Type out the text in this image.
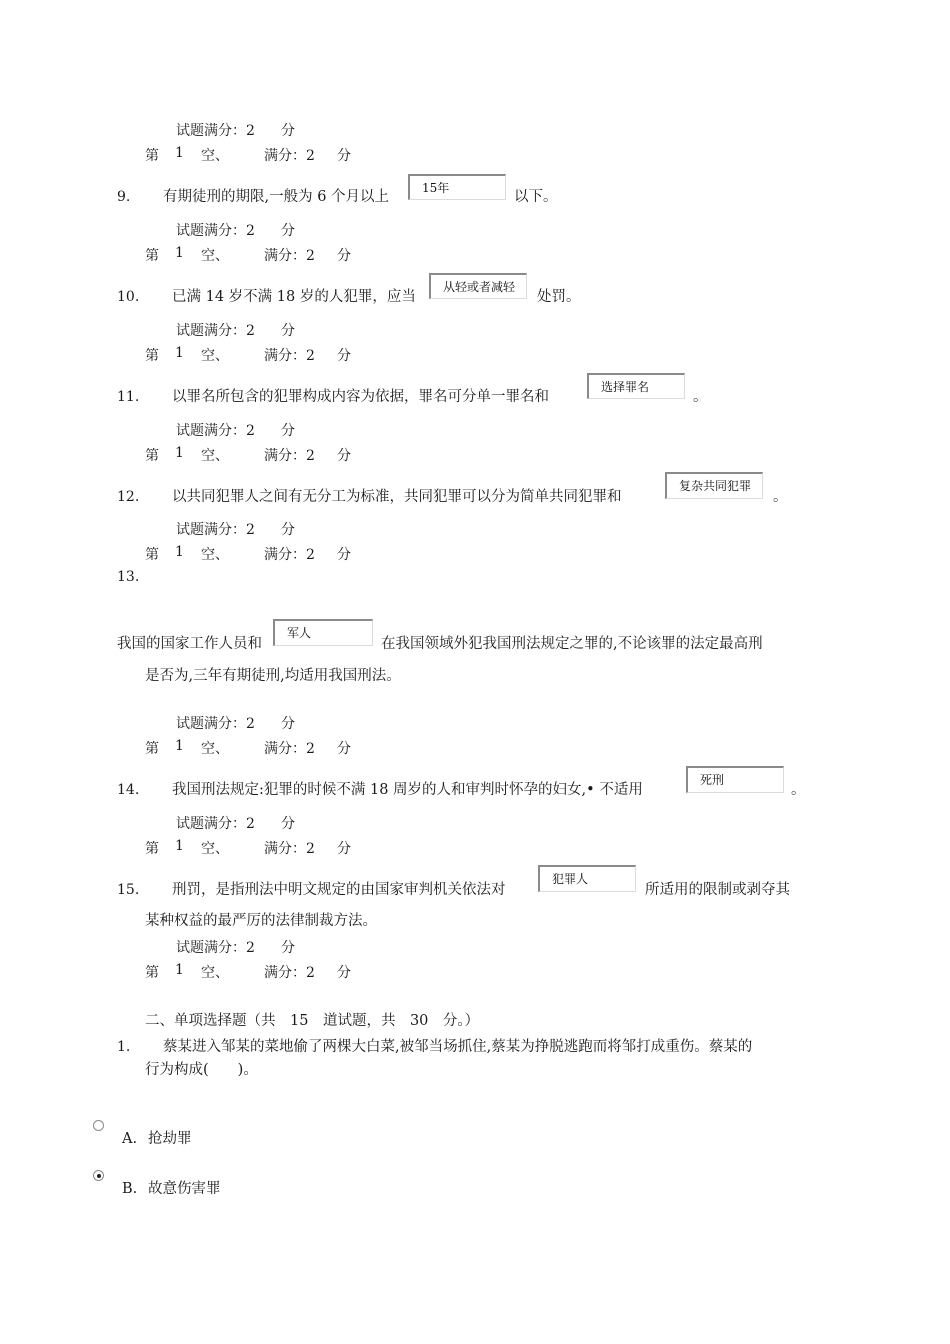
试题满分：2 分
第 1 空、	满分：2 分
9. 有期徒刑的期限,一般为 6 个月以上
15年
以下。
试题满分：2 分
第 1 空、	满分：2 分
10. 已满 14 岁不满 18 岁的人犯罪，应当
从轻或者减轻
处罚。
试题满分：2 分
第 1 空、	满分：2 分
11. 以罪名所包含的犯罪构成内容为依据，罪名可分单一罪名和
选择罪名
。
试题满分：2 分
第 1 空、	满分：2 分
12. 以共同犯罪人之间有无分工为标准，共同犯罪可以分为简单共同犯罪和
复杂共同犯罪
。
试题满分：2 分
第 1 空、	满分：2 分
13.
我国的国家工作人员和
军人
在我国领域外犯我国刑法规定之罪的,不论该罪的法定最高刑
是否为,三年有期徒刑,均适用我国刑法。
试题满分：2 分
第 1 空、	满分：2 分
14. 我国刑法规定:犯罪的时候不满 18 周岁的人和审判时怀孕的妇女,• 不适用
死刑
。
试题满分：2 分
第 1 空、	满分：2 分
15. 刑罚，是指刑法中明文规定的由国家审判机关依法对
犯罪人
所适用的限制或剥夺其
某种权益的最严厉的法律制裁方法。
试题满分：2 分
第 1 空、	满分：2 分
二、单项选择题（共　15　道试题，共　30　分。）
1. 蔡某进入邹某的菜地偷了两棵大白菜,被邹当场抓住,蔡某为挣脱逃跑而将邹打成重伤。蔡某的
行为构成(　　)。
A. 抢劫罪
B. 故意伤害罪
